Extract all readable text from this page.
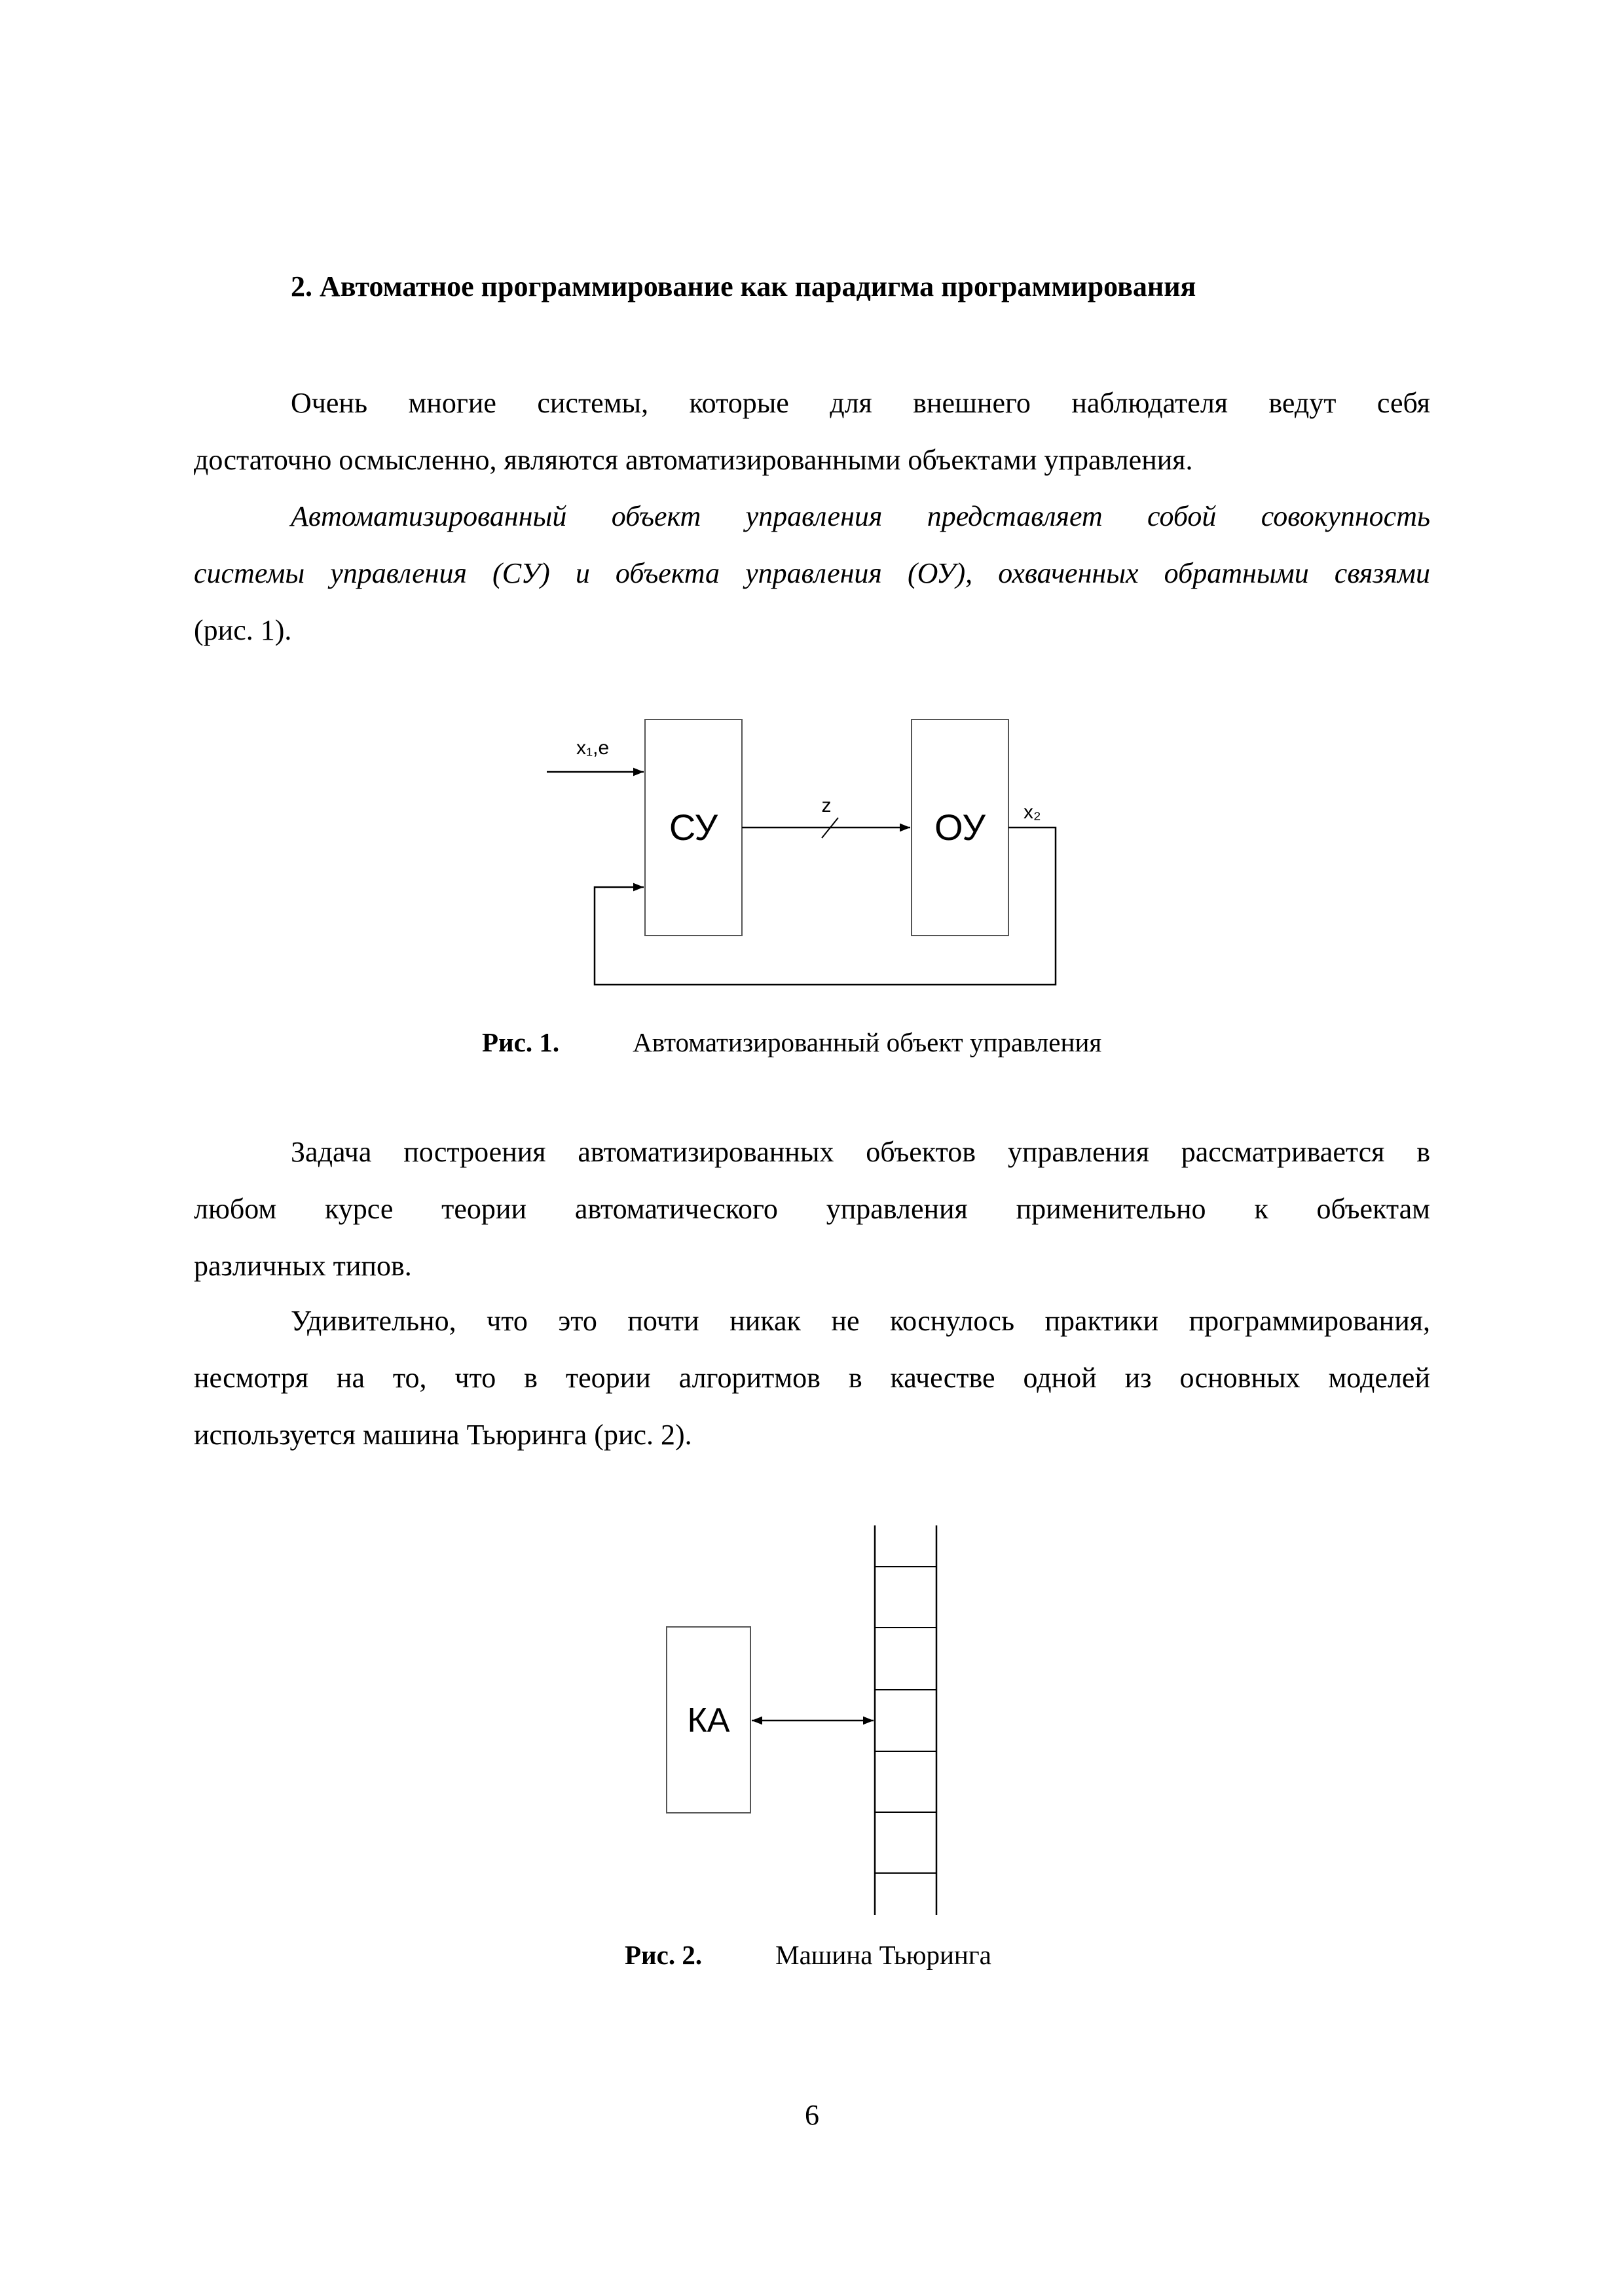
2. Автоматное программирование как парадигма программирования
Очень многие системы, которые для внешнего наблюдателя ведут себя
достаточно осмысленно, являются автоматизированными объектами управления.
Автоматизированный объект управления представляет собой совокупность
системы управления (СУ) и объекта управления (ОУ), охваченных обратными связями
(рис. 1).
x₁,e
СУ	ОУ
z	x₂
КА
Рис. 1.	Автоматизированный объект управления
Задача построения автоматизированных объектов управления рассматривается в
любом курсе теории автоматического управления применительно к объектам
различных типов.
Удивительно, что это почти никак не коснулось практики программирования,
несмотря на то, что в теории алгоритмов в качестве одной из основных моделей
используется машина Тьюринга (рис. 2).
Рис. 2.	Машина Тьюринга
6
